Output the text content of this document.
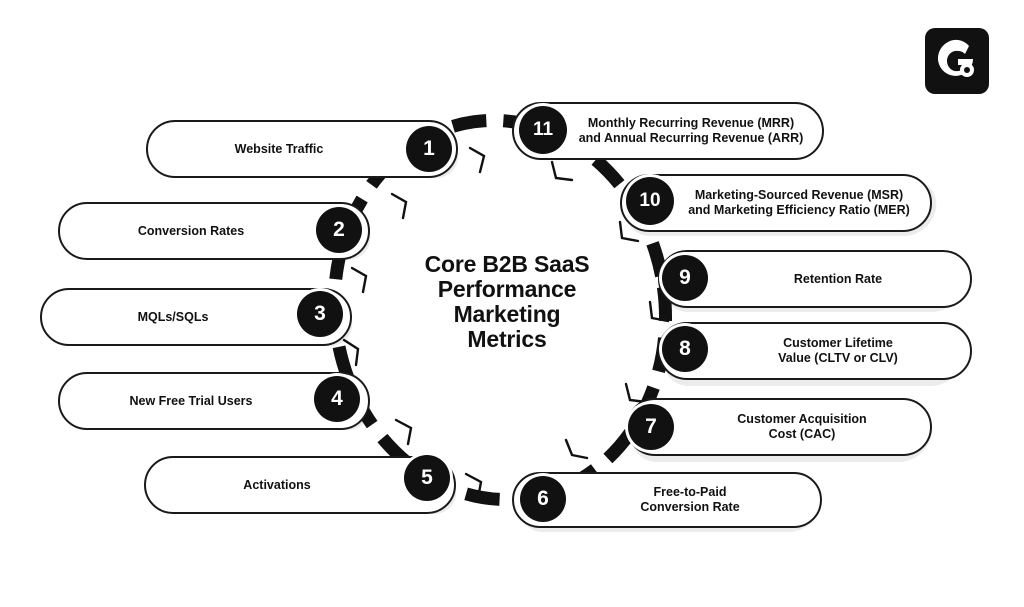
Website Traffic
Conversion Rates
MQLs/SQLs
New Free Trial Users
Activations
Free-to-Paid
Conversion Rate
Customer Acquisition
Cost (CAC)
Customer Lifetime
Value (CLTV or CLV)
Retention Rate
Marketing-Sourced Revenue (MSR)
and Marketing Efficiency Ratio (MER)
Monthly Recurring Revenue (MRR)
and Annual Recurring Revenue (ARR)
1
2
3
4
5
6
7
8
9
10
11
Core B2B SaaS
Performance
Marketing
Metrics
